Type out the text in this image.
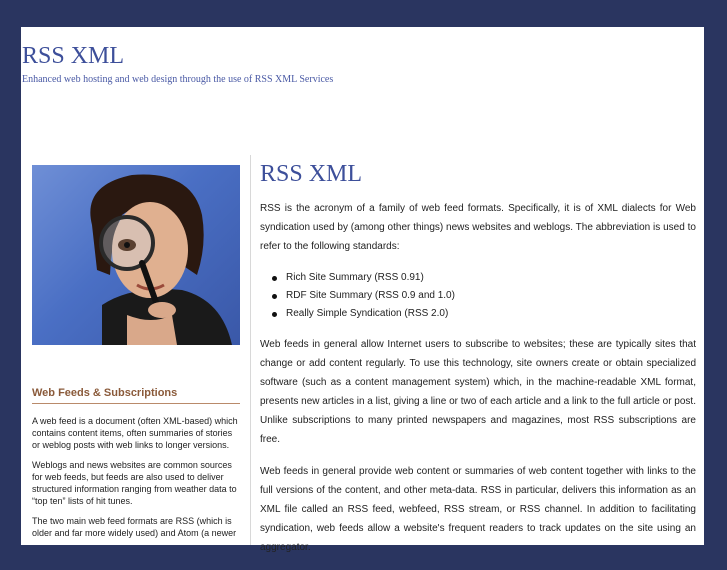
RSS XML
Enhanced web hosting and web design through the use of RSS XML Services
Web Feeds & Subscriptions

A web feed is a document (often XML-based) which contains content items, often summaries of stories or weblog posts with web links to longer versions.

Weblogs and news websites are common sources for web feeds, but feeds are also used to deliver structured information ranging from weather data to “top ten” lists of hit tunes.

The two main web feed formats are RSS (which is older and far more widely used) and Atom (a newer

RSS XML

RSS is the acronym of a family of web feed formats. Specifically, it is of XML dialects for Web syndication used by (among other things) news websites and weblogs. The abbreviation is used to refer to the following standards:

Rich Site Summary (RSS 0.91)
RDF Site Summary (RSS 0.9 and 1.0)
Really Simple Syndication (RSS 2.0)

Web feeds in general allow Internet users to subscribe to websites; these are typically sites that change or add content regularly. To use this technology, site owners create or obtain specialized software (such as a content management system) which, in the machine-readable XML format, presents new articles in a list, giving a line or two of each article and a link to the full article or post. Unlike subscriptions to many printed newspapers and magazines, most RSS subscriptions are free.

Web feeds in general provide web content or summaries of web content together with links to the full versions of the content, and other meta-data. RSS in particular, delivers this information as an XML file called an RSS feed, webfeed, RSS stream, or RSS channel. In addition to facilitating syndication, web feeds allow a website's frequent readers to track updates on the site using an aggregator.
